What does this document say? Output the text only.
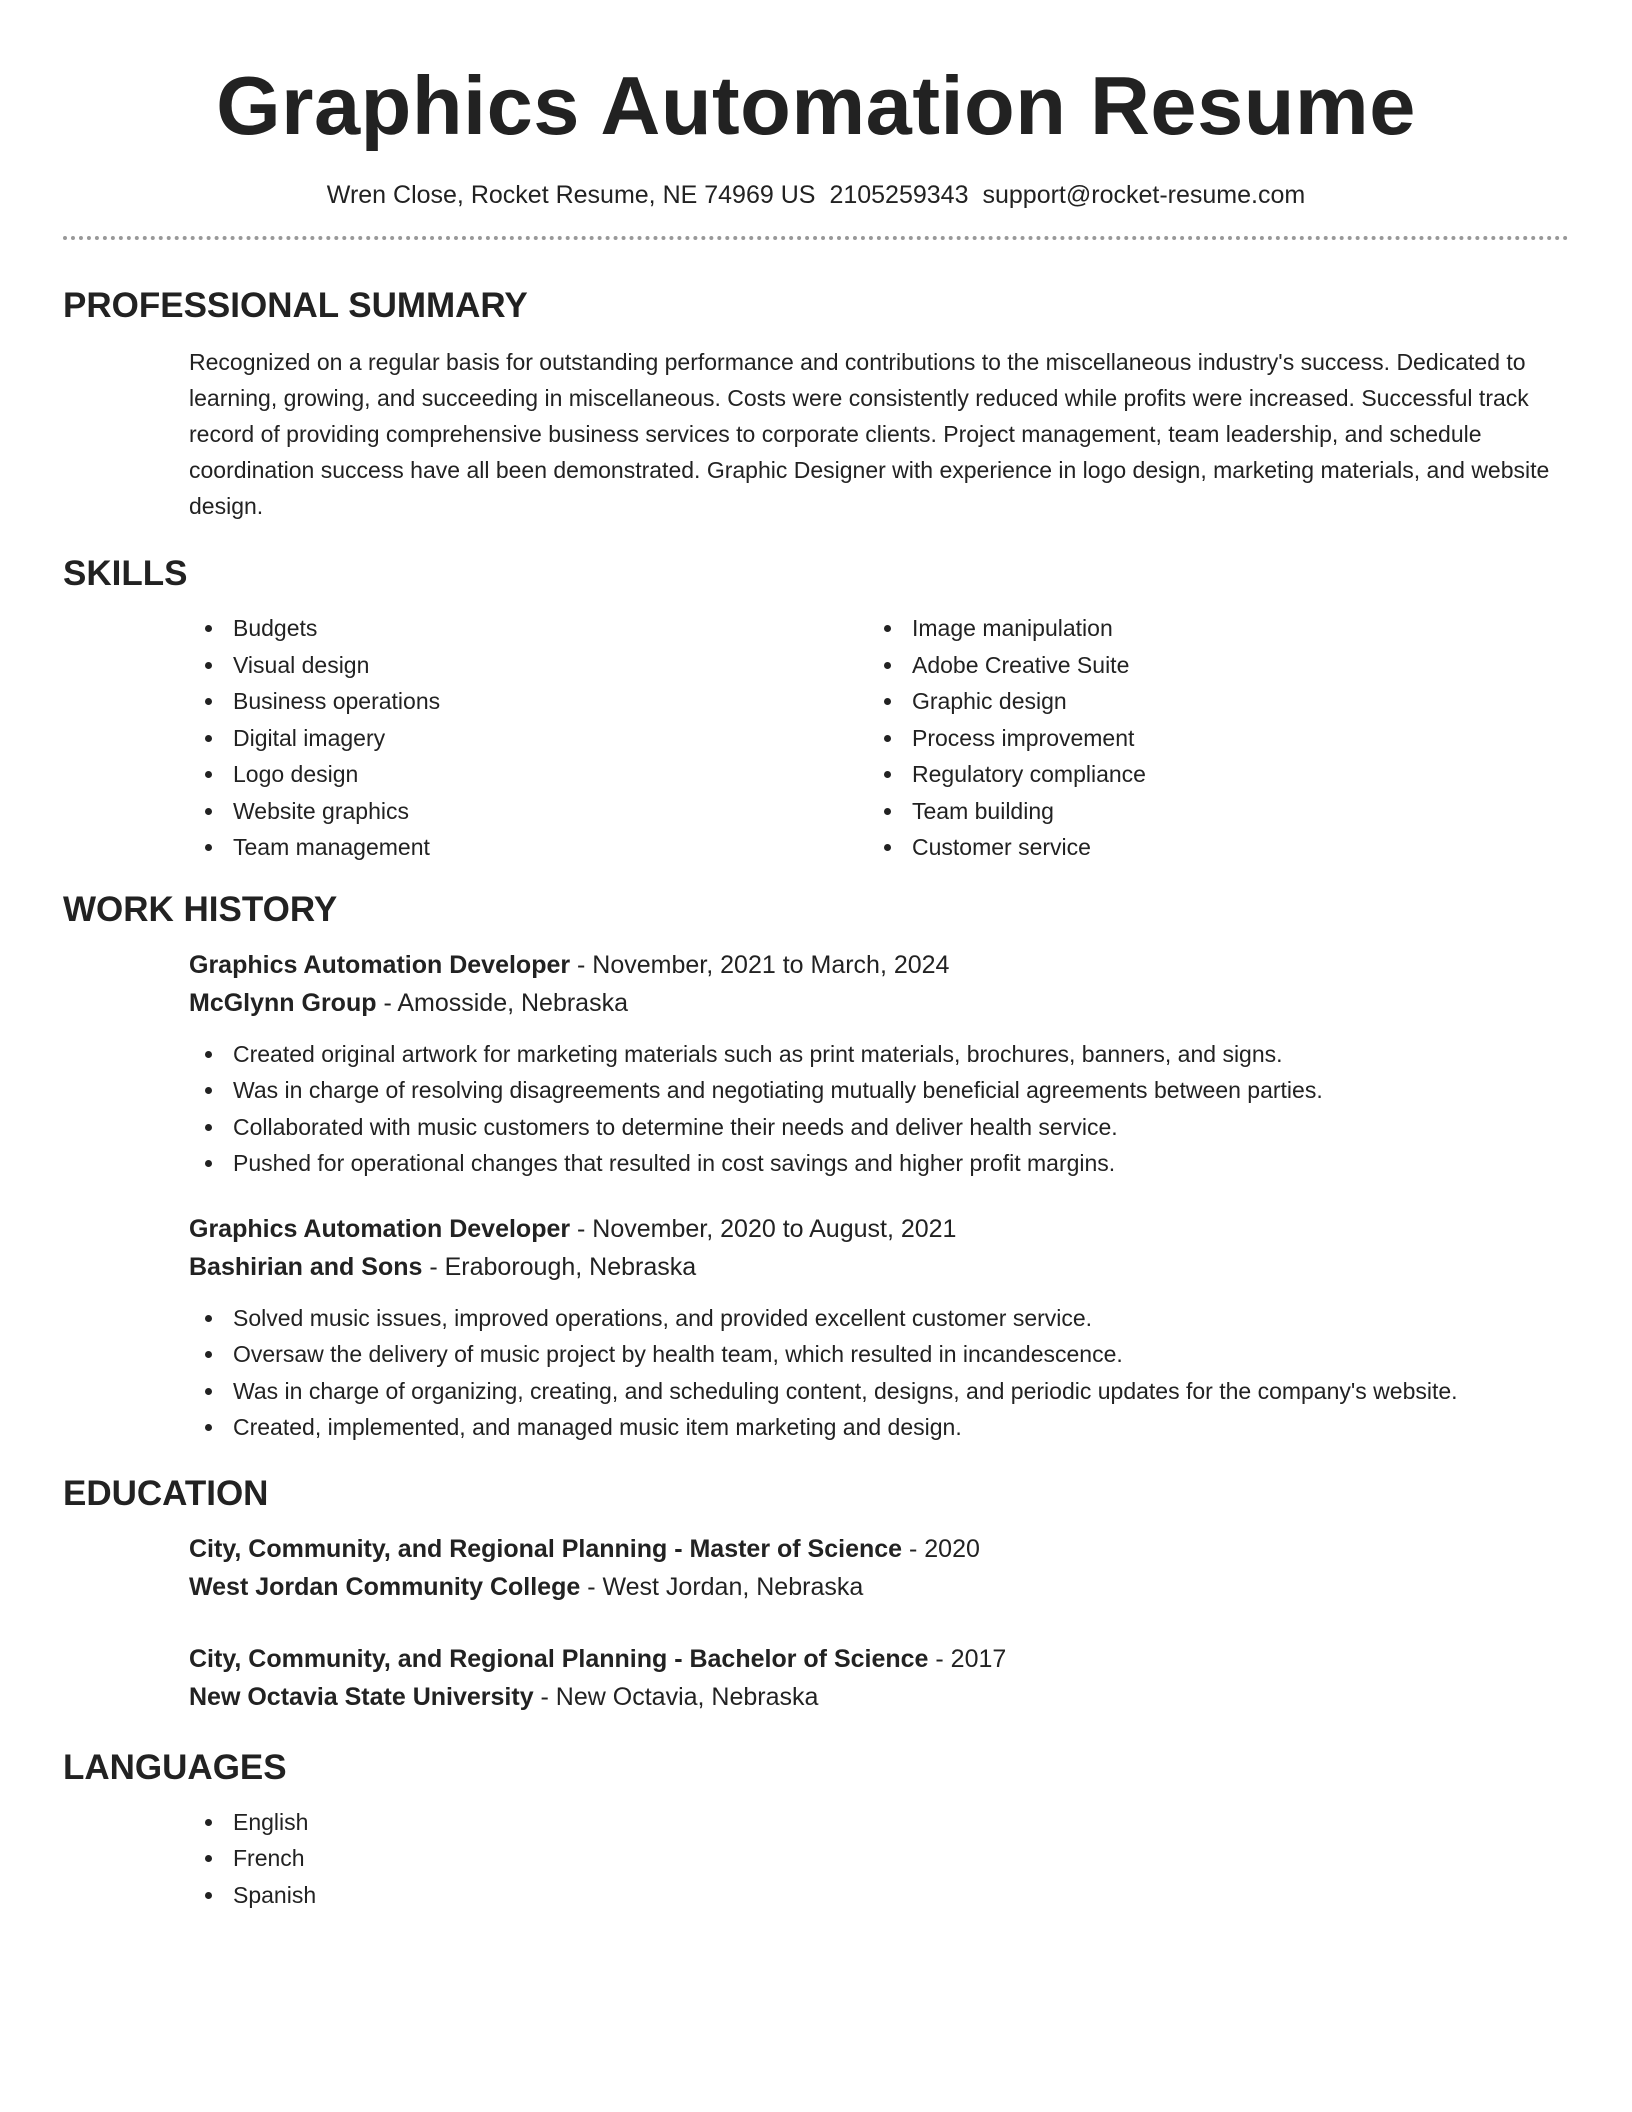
Graphics Automation Resume
Wren Close, Rocket Resume, NE 74969 US 2105259343 support@rocket-resume.com
PROFESSIONAL SUMMARY

Recognized on a regular basis for outstanding performance and contributions to the miscellaneous industry's success. Dedicated to learning, growing, and succeeding in miscellaneous. Costs were consistently reduced while profits were increased. Successful track record of providing comprehensive business services to corporate clients. Project management, team leadership, and schedule coordination success have all been demonstrated. Graphic Designer with experience in logo design, marketing materials, and website design.

SKILLS
Budgets
Visual design
Business operations
Digital imagery
Logo design
Website graphics
Team management
Image manipulation
Adobe Creative Suite
Graphic design
Process improvement
Regulatory compliance
Team building
Customer service
WORK HISTORY
Graphics Automation Developer - November, 2021 to March, 2024
McGlynn Group - Amosside, Nebraska
Created original artwork for marketing materials such as print materials, brochures, banners, and signs.
Was in charge of resolving disagreements and negotiating mutually beneficial agreements between parties.
Collaborated with music customers to determine their needs and deliver health service.
Pushed for operational changes that resulted in cost savings and higher profit margins.
Graphics Automation Developer - November, 2020 to August, 2021
Bashirian and Sons - Eraborough, Nebraska
Solved music issues, improved operations, and provided excellent customer service.
Oversaw the delivery of music project by health team, which resulted in incandescence.
Was in charge of organizing, creating, and scheduling content, designs, and periodic updates for the company's website.
Created, implemented, and managed music item marketing and design.
EDUCATION
City, Community, and Regional Planning - Master of Science - 2020
West Jordan Community College - West Jordan, Nebraska
City, Community, and Regional Planning - Bachelor of Science - 2017
New Octavia State University - New Octavia, Nebraska
LANGUAGES
English
French
Spanish
